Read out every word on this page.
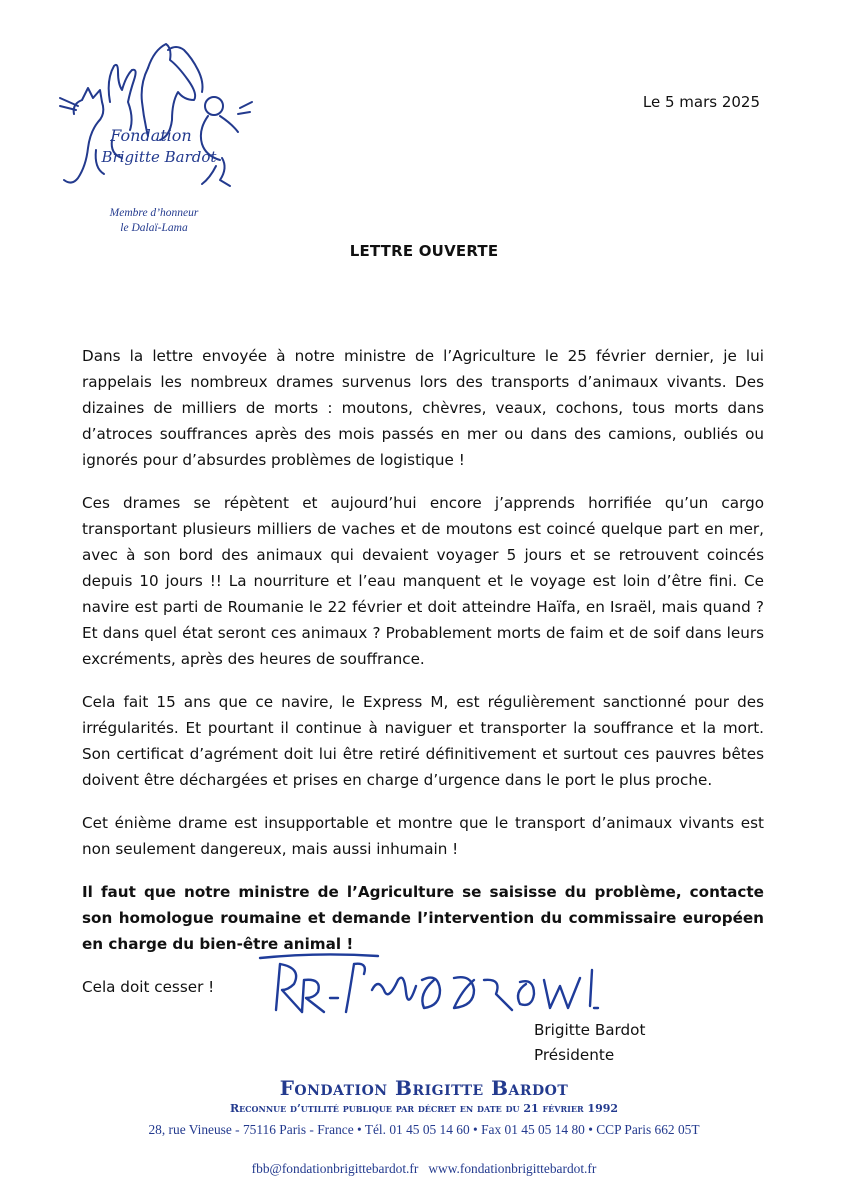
Fondation
Brigitte Bardot
Membre d’honneur
le Dalaï-Lama
Le 5 mars 2025
LETTRE OUVERTE

Dans la lettre envoyée à notre ministre de l’Agriculture le 25 février dernier, je lui rappelais les nombreux drames survenus lors des transports d’animaux vivants. Des dizaines de milliers de morts : moutons, chèvres, veaux, cochons, tous morts dans d’atroces souffrances après des mois passés en mer ou dans des camions, oubliés ou ignorés pour d’absurdes problèmes de logistique !

Ces drames se répètent et aujourd’hui encore j’apprends horrifiée qu’un cargo transportant plusieurs milliers de vaches et de moutons est coincé quelque part en mer, avec à son bord des animaux qui devaient voyager 5 jours et se retrouvent coincés depuis 10 jours !! La nourriture et l’eau manquent et le voyage est loin d’être fini. Ce navire est parti de Roumanie le 22 février et doit atteindre Haïfa, en Israël, mais quand ? Et dans quel état seront ces animaux ? Probablement morts de faim et de soif dans leurs excréments, après des heures de souffrance.

Cela fait 15 ans que ce navire, le Express M, est régulièrement sanctionné pour des irrégularités. Et pourtant il continue à naviguer et transporter la souffrance et la mort. Son certificat d’agrément doit lui être retiré définitivement et surtout ces pauvres bêtes doivent être déchargées et prises en charge d’urgence dans le port le plus proche.

Cet énième drame est insupportable et montre que le transport d’animaux vivants est non seulement dangereux, mais aussi inhumain !

Il faut que notre ministre de l’Agriculture se saisisse du problème, contacte son homologue roumaine et demande l’intervention du commissaire européen en charge du bien-être animal !

Cela doit cesser !

Brigitte Bardot
Présidente
Fondation Brigitte Bardot
Reconnue d’utilité publique par décret en date du 21 février 1992
28, rue Vineuse - 75116 Paris - France • Tél. 01 45 05 14 60 • Fax 01 45 05 14 80 • CCP Paris 662 05T
fbb@fondationbrigittebardot.fr   www.fondationbrigittebardot.fr
